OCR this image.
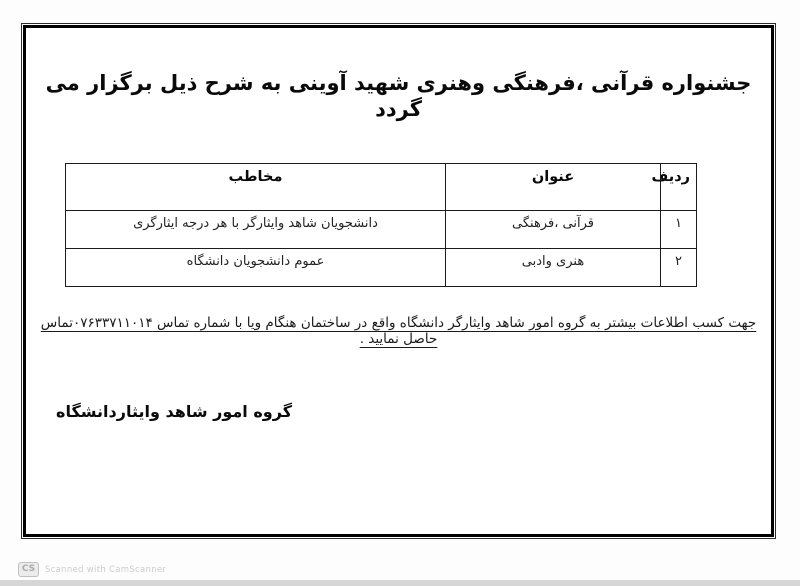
جشنواره قرآنی ،فرهنگی وهنری شهید آوینی به شرح ذیل برگزار می گردد
ردیف	عنوان	مخاطب
۱	قرآنی ،فرهنگی	دانشجویان شاهد وایثارگر با هر درجه ایثارگری
۲	هنری وادبی	عموم دانشجویان دانشگاه
جهت کسب اطلاعات بیشتر به گروه امور شاهد وایثارگر دانشگاه واقع در ساختمان هنگام ویا با شماره تماس ۰۷۶۳۳۷۱۱۰۱۴تماس حاصل نمایید .
گروه امور شاهد وایثاردانشگاه
CS	Scanned with CamScanner
